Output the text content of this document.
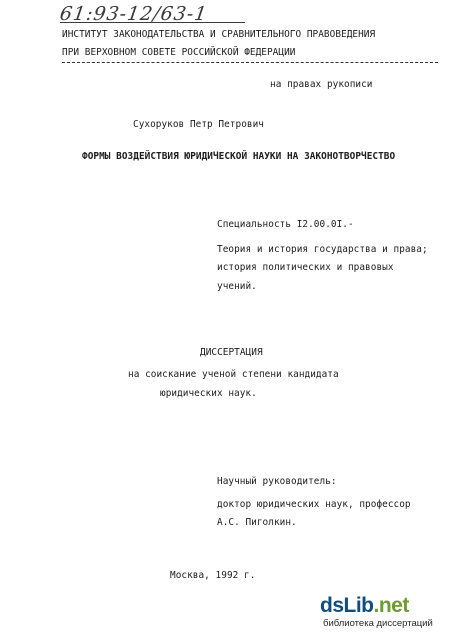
61:93-12/63-1
ИНСТИТУТ ЗАКОНОДАТЕЛЬСТВА И СРАВНИТЕЛЬНОГО ПРАВОВЕДЕНИЯ
ПРИ ВЕРХОВНОМ СОВЕТЕ РОССИЙСКОЙ ФЕДЕРАЦИИ
на правах рукописи
Сухоруков Петр Петрович
ФОРМЫ ВОЗДЕЙСТВИЯ ЮРИДИЧЕСКОЙ НАУКИ НА ЗАКОНОТВОРЧЕСТВО
Специальность I2.00.0I.-
Теория и история государства и права;
история политических и правовых
учений.
ДИССЕРТАЦИЯ
на соискание ученой степени кандидата
юридических наук.
Научный руководитель:
доктор юридических наук, профессор
А.С. Пиголкин.
Москва, 1992 г.
dsLib.net
библиотека диссертаций
